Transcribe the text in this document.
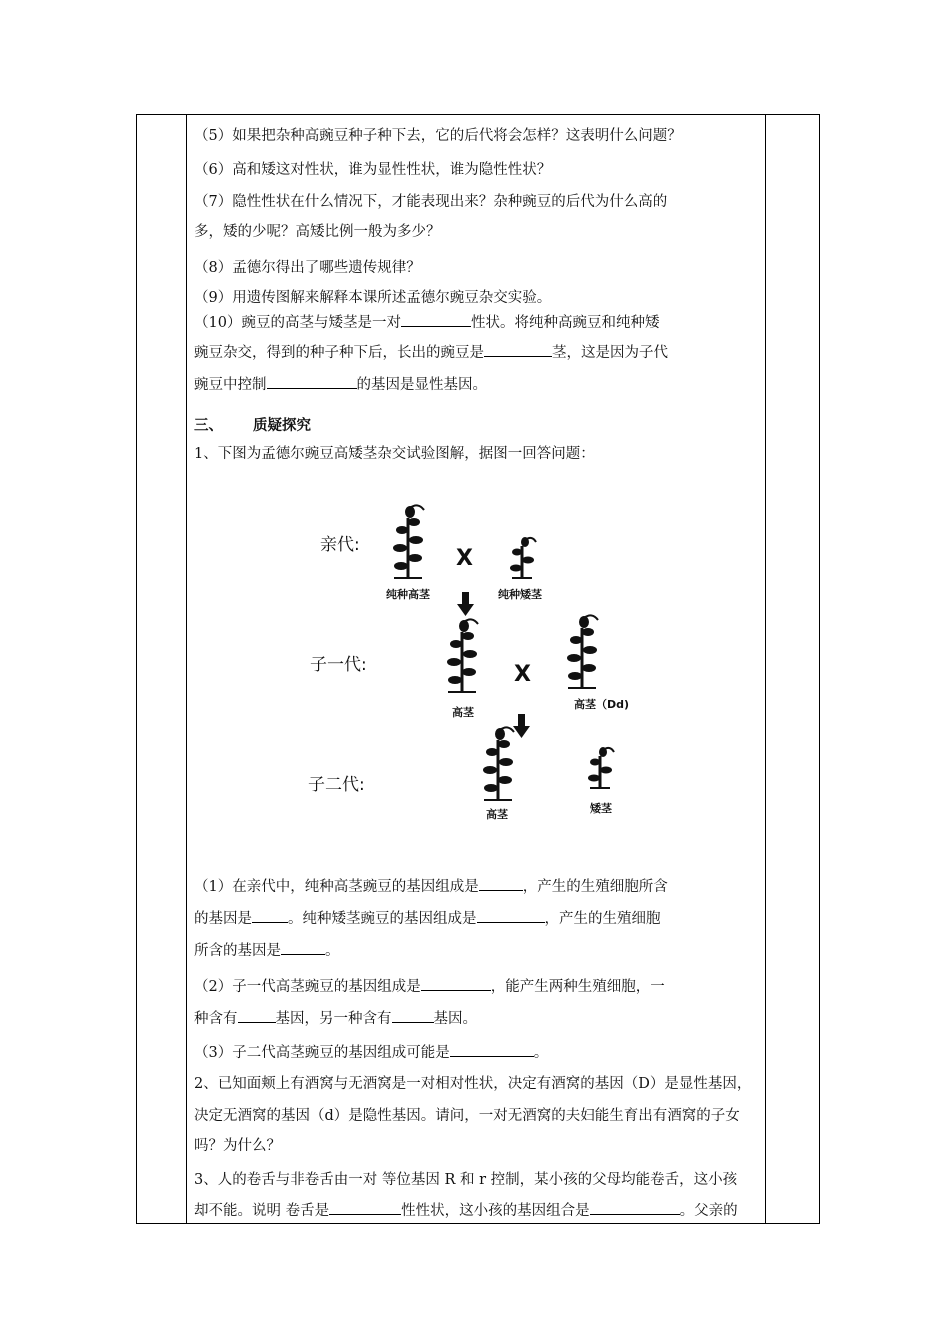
（5）如果把杂种高豌豆种子种下去，它的后代将会怎样？这表明什么问题？
（6）高和矮这对性状，谁为显性性状，谁为隐性性状？
（7）隐性性状在什么情况下，才能表现出来？杂种豌豆的后代为什么高的
多，矮的少呢？高矮比例一般为多少？
（8）孟德尔得出了哪些遗传规律？
（9）用遗传图解来解释本课所述孟德尔豌豆杂交实验。
（10）豌豆的高茎与矮茎是一对	性状。将纯种高豌豆和纯种矮
豌豆杂交，得到的种子种下后，长出的豌豆是	茎，这是因为子代
豌豆中控制	的基因是显性基因。
三、 质疑探究
1、下图为孟德尔豌豆高矮茎杂交试验图解，据图一回答问题：
亲代:
子一代:
子二代:
X
X
纯种高茎	纯种矮茎
高茎
高茎（Dd)
高茎	矮茎
（1）在亲代中，纯种高茎豌豆的基因组成是	，产生的生殖细胞所含
的基因是 。纯种矮茎豌豆的基因组成是	，产生的生殖细胞
所含的基因是	。
（2）子一代高茎豌豆的基因组成是	，能产生两种生殖细胞，一
种含有	基因，另一种含有	基因。
（3）子二代高茎豌豆的基因组成可能是	。
2、已知面颊上有酒窝与无酒窝是一对相对性状，决定有酒窝的基因（D）是显性基因，
决定无酒窝的基因（d）是隐性基因。请问，一对无酒窝的夫妇能生育出有酒窝的子女
吗？为什么？
3、人的卷舌与非卷舌由一对 等位基因 R 和 r 控制，某小孩的父母均能卷舌，这小孩
却不能。说明 卷舌是	性性状，这小孩的基因组合是	。父亲的
